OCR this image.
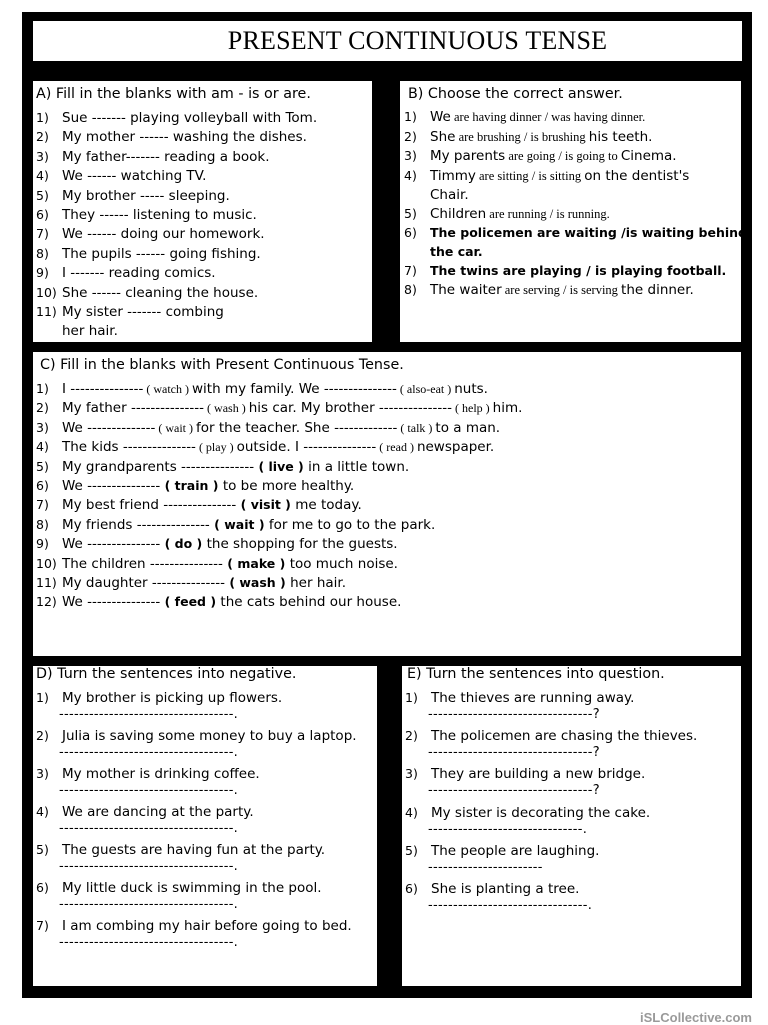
PRESENT CONTINUOUS TENSE
A) Fill in the blanks with am - is or are.
1) Sue ------- playing volleyball with Tom.
2) My mother ------ washing the dishes.
3) My father------- reading a book.
4) We ------ watching TV.
5) My brother ----- sleeping.
6) They ------ listening to music.
7) We ------ doing our homework.
8) The pupils ------ going fishing.
9) I ------- reading comics.
10) She ------ cleaning the house.
11) My sister ------- combing
her hair.
B) Choose the correct answer.
1) We are having dinner / was having dinner.
2) She are brushing / is brushing his teeth.
3) My parents are going / is going to Cinema.
4) Timmy are sitting / is sitting on the dentist's
Chair.
5) Children are running / is running.
6) The policemen are waiting /is waiting behind
the car.
7) The twins are playing / is playing football.
8) The waiter are serving / is serving the dinner.
C) Fill in the blanks with Present Continuous Tense.
1) I --------------- ( watch ) with my family. We --------------- ( also-eat ) nuts.
2) My father --------------- ( wash ) his car. My brother --------------- ( help ) him.
3) We -------------- ( wait ) for the teacher. She ------------- ( talk ) to a man.
4) The kids --------------- ( play ) outside. I --------------- ( read ) newspaper.
5) My grandparents --------------- ( live ) in a little town.
6) We --------------- ( train ) to be more healthy.
7) My best friend --------------- ( visit ) me today.
8) My friends --------------- ( wait ) for me to go to the park.
9) We --------------- ( do ) the shopping for the guests.
10) The children --------------- ( make ) too much noise.
11) My daughter --------------- ( wash ) her hair.
12) We --------------- ( feed ) the cats behind our house.
D) Turn the sentences into negative.
1) My brother is picking up flowers.
-----------------------------------.
2) Julia is saving some money to buy a laptop.
-----------------------------------.
3) My mother is drinking coffee.
-----------------------------------.
4) We are dancing at the party.
-----------------------------------.
5) The guests are having fun at the party.
-----------------------------------.
6) My little duck is swimming in the pool.
-----------------------------------.
7) I am combing my hair before going to bed.
-----------------------------------.
E) Turn the sentences into question.
1) The thieves are running away.
---------------------------------?
2) The policemen are chasing the thieves.
---------------------------------?
3) They are building a new bridge.
---------------------------------?
4) My sister is decorating the cake.
-------------------------------.
5) The people are laughing.
-----------------------
6) She is planting a tree.
--------------------------------.
iSLCollective.com
